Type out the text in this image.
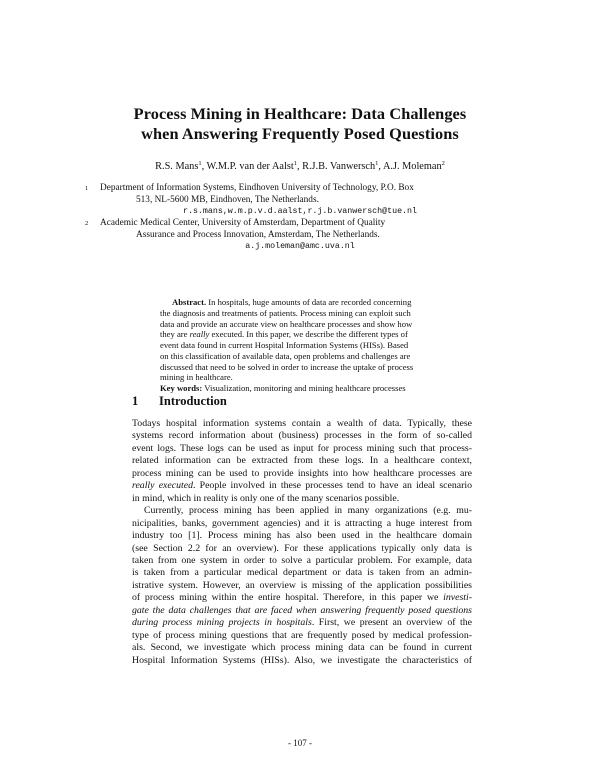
Process Mining in Healthcare: Data Challenges
when Answering Frequently Posed Questions
R.S. Mans$^1$, W.M.P. van der Aalst$^1$, R.J.B. Vanwersch$^1$, A.J. Moleman$^2$
1 Department of Information Systems, Eindhoven University of Technology, P.O. Box
513, NL-5600 MB, Eindhoven, The Netherlands.
r.s.mans,w.m.p.v.d.aalst,r.j.b.vanwersch@tue.nl
2 Academic Medical Center, University of Amsterdam, Department of Quality
Assurance and Process Innovation, Amsterdam, The Netherlands.
a.j.moleman@amc.uva.nl
Abstract. In hospitals, huge amounts of data are recorded concerning
the diagnosis and treatments of patients. Process mining can exploit such
data and provide an accurate view on healthcare processes and show how
they are really executed. In this paper, we describe the different types of
event data found in current Hospital Information Systems (HISs). Based
on this classification of available data, open problems and challenges are
discussed that need to be solved in order to increase the uptake of process
mining in healthcare.
Key words: Visualization, monitoring and mining healthcare processes
1 Introduction
Todays hospital information systems contain a wealth of data. Typically, these
systems record information about (business) processes in the form of so-called
event logs. These logs can be used as input for process mining such that process-
related information can be extracted from these logs. In a healthcare context,
process mining can be used to provide insights into how healthcare processes are
really executed. People involved in these processes tend to have an ideal scenario
in mind, which in reality is only one of the many scenarios possible.
Currently, process mining has been applied in many organizations (e.g. mu-
nicipalities, banks, government agencies) and it is attracting a huge interest from
industry too [1]. Process mining has also been used in the healthcare domain
(see Section 2.2 for an overview). For these applications typically only data is
taken from one system in order to solve a particular problem. For example, data
is taken from a particular medical department or data is taken from an admin-
istrative system. However, an overview is missing of the application possibilities
of process mining within the entire hospital. Therefore, in this paper we investi-
gate the data challenges that are faced when answering frequently posed questions
during process mining projects in hospitals. First, we present an overview of the
type of process mining questions that are frequently posed by medical profession-
als. Second, we investigate which process mining data can be found in current
Hospital Information Systems (HISs). Also, we investigate the characteristics of
- 107 -
